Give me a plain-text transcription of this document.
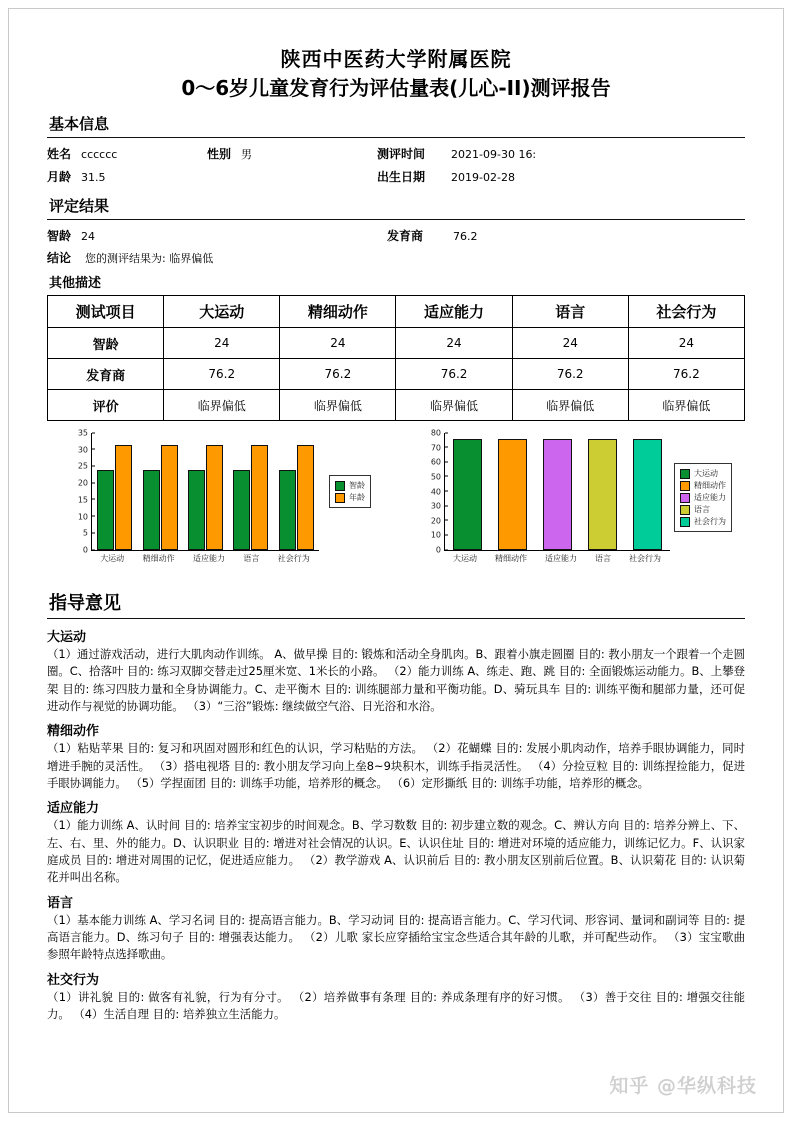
陕西中医药大学附属医院
0～6岁儿童发育行为评估量表(儿心-II)测评报告
基本信息
姓名 cccccc	性别 男	测评时间 2021-09-30 16:
月龄 31.5	出生日期 2019-02-28
评定结果
智龄 24	发育商	76.2
结论 您的测评结果为: 临界偏低
其他描述
测试项目	大运动	精细动作	适应能力	语言	社会行为
智龄	24	24	24	24	24
发育商	76.2	76.2	76.2	76.2	76.2
评价	临界偏低	临界偏低	临界偏低	临界偏低	临界偏低
35
30
25
20
15
10
5
0
大运动 精细动作 适应能力 语言 社会行为
智龄
年龄
80
70
60
50
40
30
20
10
0
大运动 精细动作 适应能力 语言 社会行为
大运动
精细动作
适应能力
语言
社会行为
指导意见
大运动

（1）通过游戏活动，进行大肌肉动作训练。 A、做早操 目的: 锻炼和活动全身肌肉。B、跟着小旗走圆圈 目的: 教小朋友一个跟着一个走圆圈。C、拾落叶 目的: 练习双脚交替走过25厘米宽、1米长的小路。 （2）能力训练 A、练走、跑、跳 目的: 全面锻炼运动能力。B、上攀登架 目的: 练习四肢力量和全身协调能力。C、走平衡木 目的: 训练腿部力量和平衡功能。D、骑玩具车 目的: 训练平衡和腿部力量，还可促进动作与视觉的协调功能。 （3）“三浴”锻炼: 继续做空气浴、日光浴和水浴。

精细动作

（1）粘贴苹果 目的: 复习和巩固对圆形和红色的认识，学习粘贴的方法。 （2）花蝴蝶 目的: 发展小肌肉动作，培养手眼协调能力，同时增进手腕的灵活性。 （3）搭电视塔 目的: 教小朋友学习向上垒8~9块积木，训练手指灵活性。 （4）分捡豆粒 目的: 训练捏捡能力，促进手眼协调能力。 （5）学捏面团 目的: 训练手功能，培养形的概念。 （6）定形撕纸 目的: 训练手功能，培养形的概念。

适应能力

（1）能力训练 A、认时间 目的: 培养宝宝初步的时间观念。B、学习数数 目的: 初步建立数的观念。C、辨认方向 目的: 培养分辨上、下、左、右、里、外的能力。D、认识职业 目的: 增进对社会情况的认识。E、认识住址 目的: 增进对环境的适应能力，训练记忆力。F、认识家庭成员 目的: 增进对周围的记忆，促进适应能力。 （2）教学游戏 A、认识前后 目的: 教小朋友区别前后位置。B、认识菊花 目的: 认识菊花并叫出名称。

语言

（1）基本能力训练 A、学习名词 目的: 提高语言能力。B、学习动词 目的: 提高语言能力。C、学习代词、形容词、量词和副词等 目的: 提高语言能力。D、练习句子 目的: 增强表达能力。 （2）儿歌 家长应穿插给宝宝念些适合其年龄的儿歌，并可配些动作。 （3）宝宝歌曲 参照年龄特点选择歌曲。

社交行为

（1）讲礼貌 目的: 做客有礼貌，行为有分寸。 （2）培养做事有条理 目的: 养成条理有序的好习惯。 （3）善于交往 目的: 增强交往能力。 （4）生活自理 目的: 培养独立生活能力。

知乎 @华纵科技
